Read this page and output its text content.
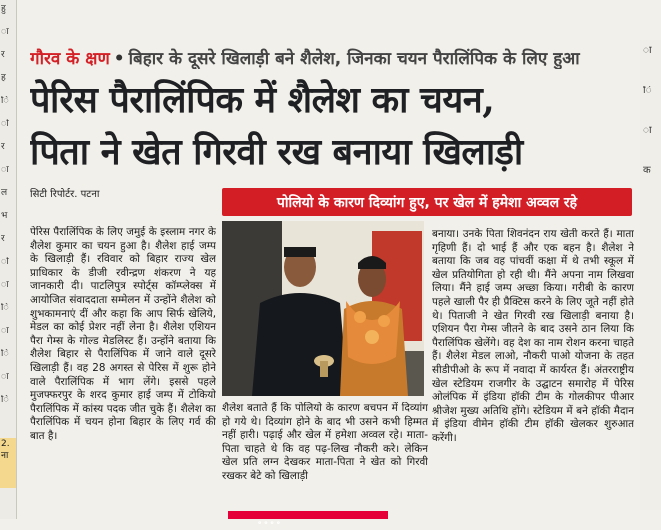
2.
ना
हु
ा
र
ह
ि
ो
र
ा
ल
भ
र
ो
ा
ि
ा
ि
ा
ि
ा
ि
ा
क
गौरव के क्षण • बिहार के दूसरे खिलाड़ी बने शैलेश, जिनका चयन पैरालिंपिक के लिए हुआ
पेरिस पैरालिंपिक में शैलेश का चयन,
पिता ने खेत गिरवी रख बनाया खिलाड़ी
सिटी रिपोर्टर. पटना	पोलियो के कारण दिव्यांग हुए, पर खेल में हमेशा अव्वल रहे
पेरिस पैरालिंपिक के लिए जमुई के इस्लाम नगर के शैलेश कुमार का चयन हुआ है। शैलेश हाई जम्प के खिलाड़ी हैं। रविवार को बिहार राज्य खेल प्राधिकार के डीजी रवीन्द्रण शंकरण ने यह जानकारी दी। पाटलिपुत्र स्पोर्ट्स कॉम्प्लेक्स में आयोजित संवाददाता सम्मेलन में उन्होंने शैलेश को शुभकामनाएं दीं और कहा कि आप सिर्फ खेलिये, मेडल का कोई प्रेशर नहीं लेना है। शैलेश एशियन पैरा गेम्स के गोल्ड मेडलिस्ट हैं। उन्होंने बताया कि शैलेश बिहार से पैरालिंपिक में जाने वाले दूसरे खिलाड़ी हैं। वह 28 अगस्त से पेरिस में शुरू होने वाले पैरालिंपिक में भाग लेंगे। इससे पहले मुजफ्फरपुर के शरद कुमार हाई जम्प में टोकियो पैरालिंपिक में कांस्य पदक जीत चुके हैं। शैलेश का पैरालिंपिक में चयन होना बिहार के लिए गर्व की बात है।
शैलेश बताते हैं कि पोलियो के कारण बचपन में दिव्यांग हो गये थे। दिव्यांग होने के बाद भी उसने कभी हिम्मत नहीं हारी। पढ़ाई और खेल में हमेशा अव्वल रहे। माता-पिता चाहते थे कि वह पढ़-लिख नौकरी करे। लेकिन खेल प्रति लग्न देखकर माता-पिता ने खेत को गिरवी रखकर बेटे को खिलाड़ी
बनाया। उनके पिता शिवनंदन राय खेती करते हैं। माता गृहिणी हैं। दो भाई हैं और एक बहन है। शैलेश ने बताया कि जब वह पांचवीं कक्षा में थे तभी स्कूल में खेल प्रतियोगिता हो रही थी। मैंने अपना नाम लिखवा लिया। मैंने हाई जम्प अच्छा किया। गरीबी के कारण पहले खाली पैर ही प्रैक्टिस करने के लिए जूते नहीं होते थे। पिताजी ने खेत गिरवी रख खिलाड़ी बनाया है। एशियन पैरा गेम्स जीतने के बाद उसने ठान लिया कि पैरालिंपिक खेलेंगे। वह देश का नाम रोशन करना चाहते हैं। शैलेश मेडल लाओ, नौकरी पाओ योजना के तहत सीडीपीओ के रूप में नवादा में कार्यरत हैं। अंतरराष्ट्रीय खेल स्टेडियम राजगीर के उद्घाटन समारोह में पेरिस ओलंपिक में इंडिया हॉकी टीम के गोलकीपर पीआर श्रीजेश मुख्य अतिथि होंगे। स्टेडियम में बने हॉकी मैदान में इंडिया वीमेन हॉकी टीम हॉकी खेलकर शुरुआत करेंगी।
॰ ॰ ॰ ॰
